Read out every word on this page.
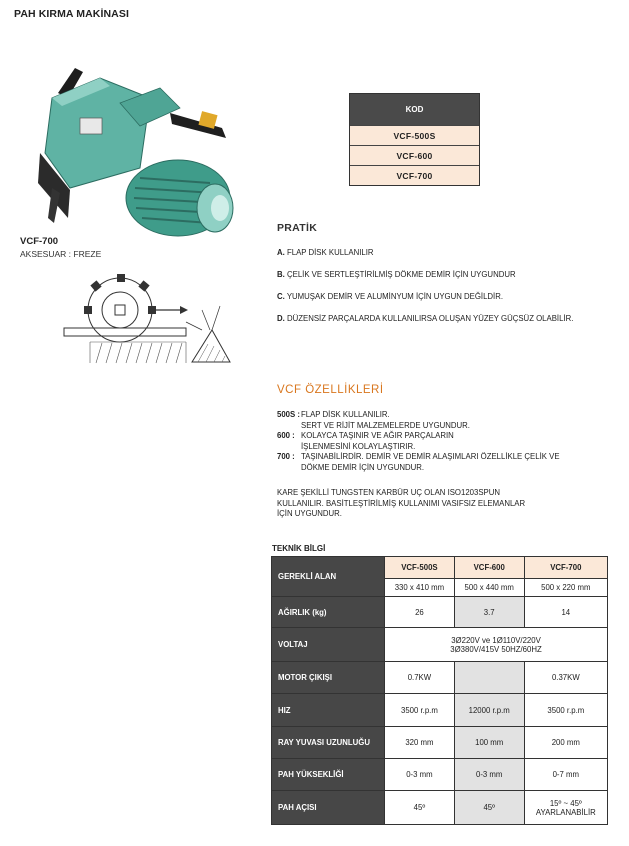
PAH KIRMA MAKİNASI
VCF-700
AKSESUAR : FREZE
KOD
VCF-500S
VCF-600
VCF-700
PRATİK
A. FLAP DİSK KULLANILIR
B. ÇELİK VE SERTLEŞTİRİLMİŞ DÖKME DEMİR İÇİN UYGUNDUR
C. YUMUŞAK DEMİR VE ALUMİNYUM İÇİN UYGUN DEĞİLDİR.
D. DÜZENSİZ PARÇALARDA KULLANILIRSA OLUŞAN YÜZEY GÜÇSÜZ OLABİLİR.
VCF ÖZELLİKLERİ
500S : FLAP DİSK KULLANILIR.
SERT VE RİJİT MALZEMELERDE UYGUNDUR.
600 : KOLAYCA TAŞINIR VE AĞIR PARÇALARIN
İŞLENMESİNİ KOLAYLAŞTIRIR.
700 : TAŞINABİLİRDİR. DEMİR VE DEMİR ALAŞIMLARI ÖZELLİKLE ÇELİK VE
DÖKME DEMİR İÇİN UYGUNDUR.
KARE ŞEKİLLİ TUNGSTEN KARBÜR UÇ OLAN ISO1203SPUN
KULLANILIR. BASİTLEŞTİRİLMİŞ KULLANIMI VASIFSIZ ELEMANLAR
İÇİN UYGUNDUR.
TEKNİK BİLGİ
GEREKLİ ALAN	VCF-500S	VCF-600	VCF-700
	330 x 410 mm	500 x 440 mm	500 x 220 mm
AĞIRLIK (kg)	26	3.7	14
VOLTAJ	3Ø220V ve 1Ø110V/220V
3Ø380V/415V 50HZ/60HZ		

MOTOR ÇIKIŞI	0.7KW		0.37KW
HIZ	3500 r.p.m	12000 r.p.m	3500 r.p.m
RAY YUVASI UZUNLUĞU	320 mm	100 mm	200 mm
PAH YÜKSEKLİĞİ	0-3 mm	0-3 mm	0-7 mm
PAH AÇISI	45º	45º	15º ~ 45º
AYARLANABİLİR
